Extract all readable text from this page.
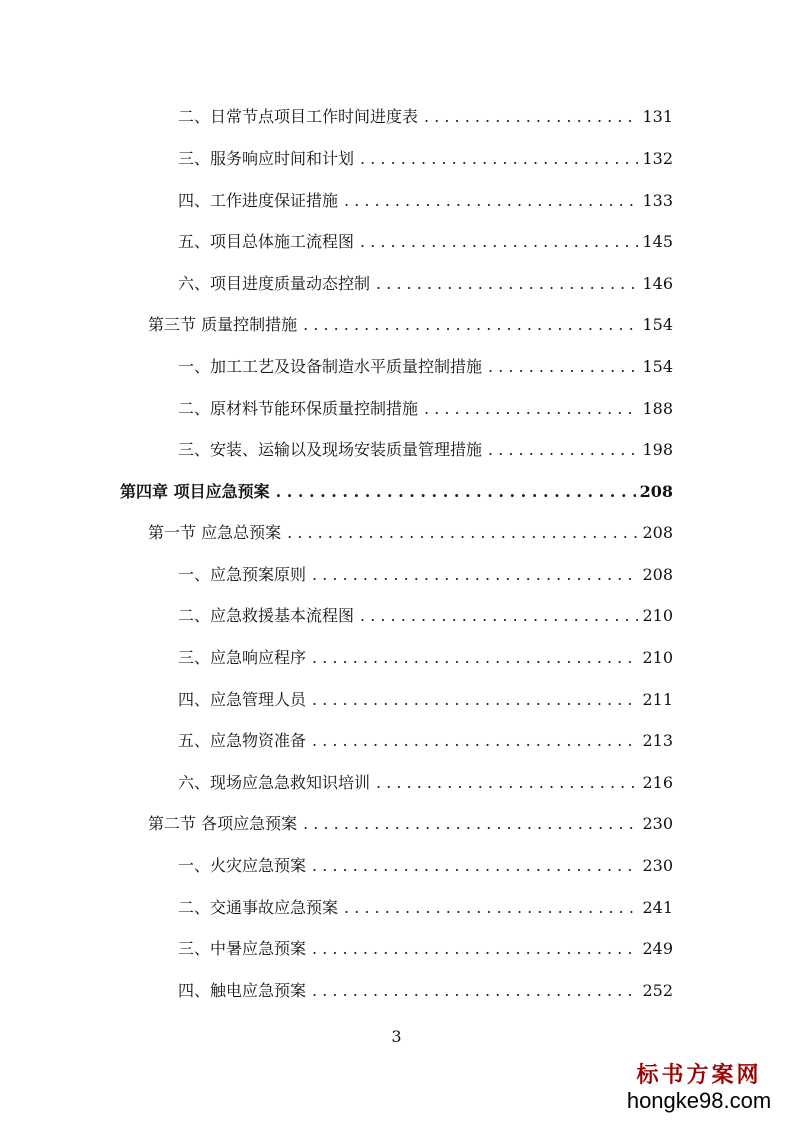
二、日常节点项目工作时间进度表 . . .	131
三、服务响应时间和计划 . . .	132
四、工作进度保证措施 . . .	133
五、项目总体施工流程图 . . .	145
六、项目进度质量动态控制 . . .	146
第三节 质量控制措施 . . .	154
一、加工工艺及设备制造水平质量控制措施 . . .	154
二、原材料节能环保质量控制措施 . . .	188
三、安装、运输以及现场安装质量管理措施 . . .	198
第四章 项目应急预案 . . .	208
第一节 应急总预案 . . .	208
一、应急预案原则 . . .	208
二、应急救援基本流程图 . . .	210
三、应急响应程序 . . .	210
四、应急管理人员 . . .	211
五、应急物资准备 . . .	213
六、现场应急急救知识培训 . . .	216
第二节 各项应急预案 . . .	230
一、火灾应急预案 . . .	230
二、交通事故应急预案 . . .	241
三、中暑应急预案 . . .	249
四、触电应急预案 . . .	252
3
标书方案网
hongke98.com
